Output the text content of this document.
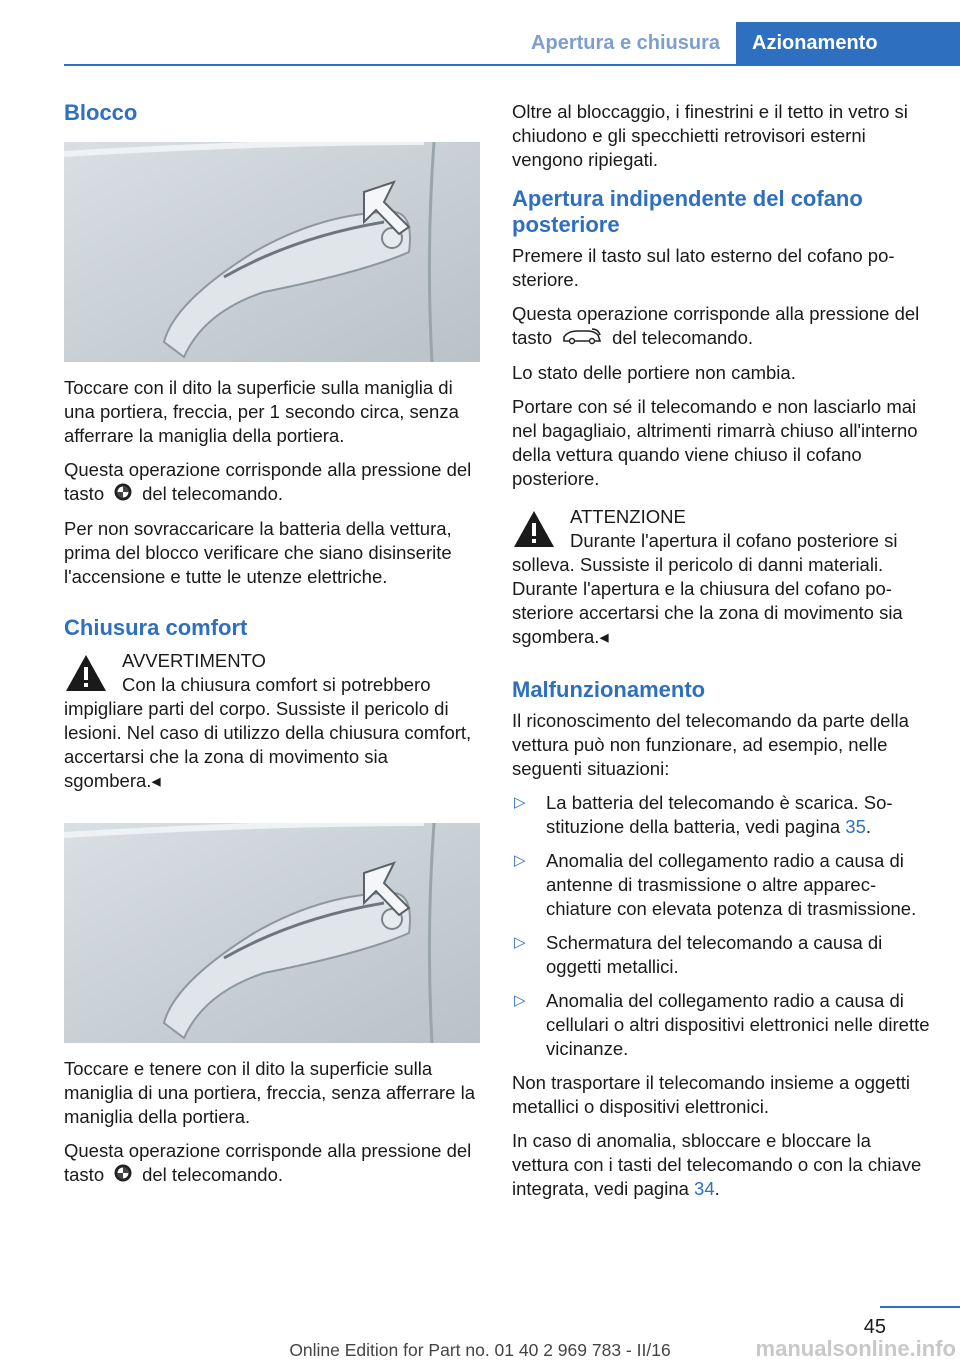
Apertura e chiusura	Azionamento
Blocco

Toccare con il dito la superficie sulla maniglia di una portiera, freccia, per 1 secondo circa, senza afferrare la maniglia della portiera.

Questa operazione corrisponde alla pressione del tasto del telecomando.

Per non sovraccaricare la batteria della vettura, prima del blocco verificare che siano disinserite l'accensione e tutte le utenze elettriche.

Chiusura comfort
AVVERTIMENTO
Con la chiusura comfort si potrebbero impigliare parti del corpo. Sussiste il pericolo di lesioni. Nel caso di utilizzo della chiusura comfort, accertarsi che la zona di movimento sia sgombera.◂

Toccare e tenere con il dito la superficie sulla maniglia di una portiera, freccia, senza afferrare la maniglia della portiera.

Questa operazione corrisponde alla pressione del tasto del telecomando.

Oltre al bloccaggio, i finestrini e il tetto in vetro si chiudono e gli specchietti retrovisori esterni vengono ripiegati.

Apertura indipendente del cofano posteriore

Premere il tasto sul lato esterno del cofano posteriore.

Questa operazione corrisponde alla pressione del tasto	del telecomando.

Lo stato delle portiere non cambia.

Portare con sé il telecomando e non lasciarlo mai nel bagagliaio, altrimenti rimarrà chiuso all'interno della vettura quando viene chiuso il cofano posteriore.

ATTENZIONE
Durante l'apertura il cofano posteriore si solleva. Sussiste il pericolo di danni materiali. Durante l'apertura e la chiusura del cofano posteriore accertarsi che la zona di movimento sia sgombera.◂
Malfunzionamento

Il riconoscimento del telecomando da parte della vettura può non funzionare, ad esempio, nelle seguenti situazioni:

▷ La batteria del telecomando è scarica. Sostituzione della batteria, vedi pagina 35.
▷ Anomalia del collegamento radio a causa di antenne di trasmissione o altre apparecchiature con elevata potenza di trasmissione.
▷ Schermatura del telecomando a causa di oggetti metallici.
▷ Anomalia del collegamento radio a causa di cellulari o altri dispositivi elettronici nelle dirette vicinanze.

Non trasportare il telecomando insieme a oggetti metallici o dispositivi elettronici.

In caso di anomalia, sbloccare e bloccare la vettura con i tasti del telecomando o con la chiave integrata, vedi pagina 34.

45
Online Edition for Part no. 01 40 2 969 783 - II/16	manualsonline.info
